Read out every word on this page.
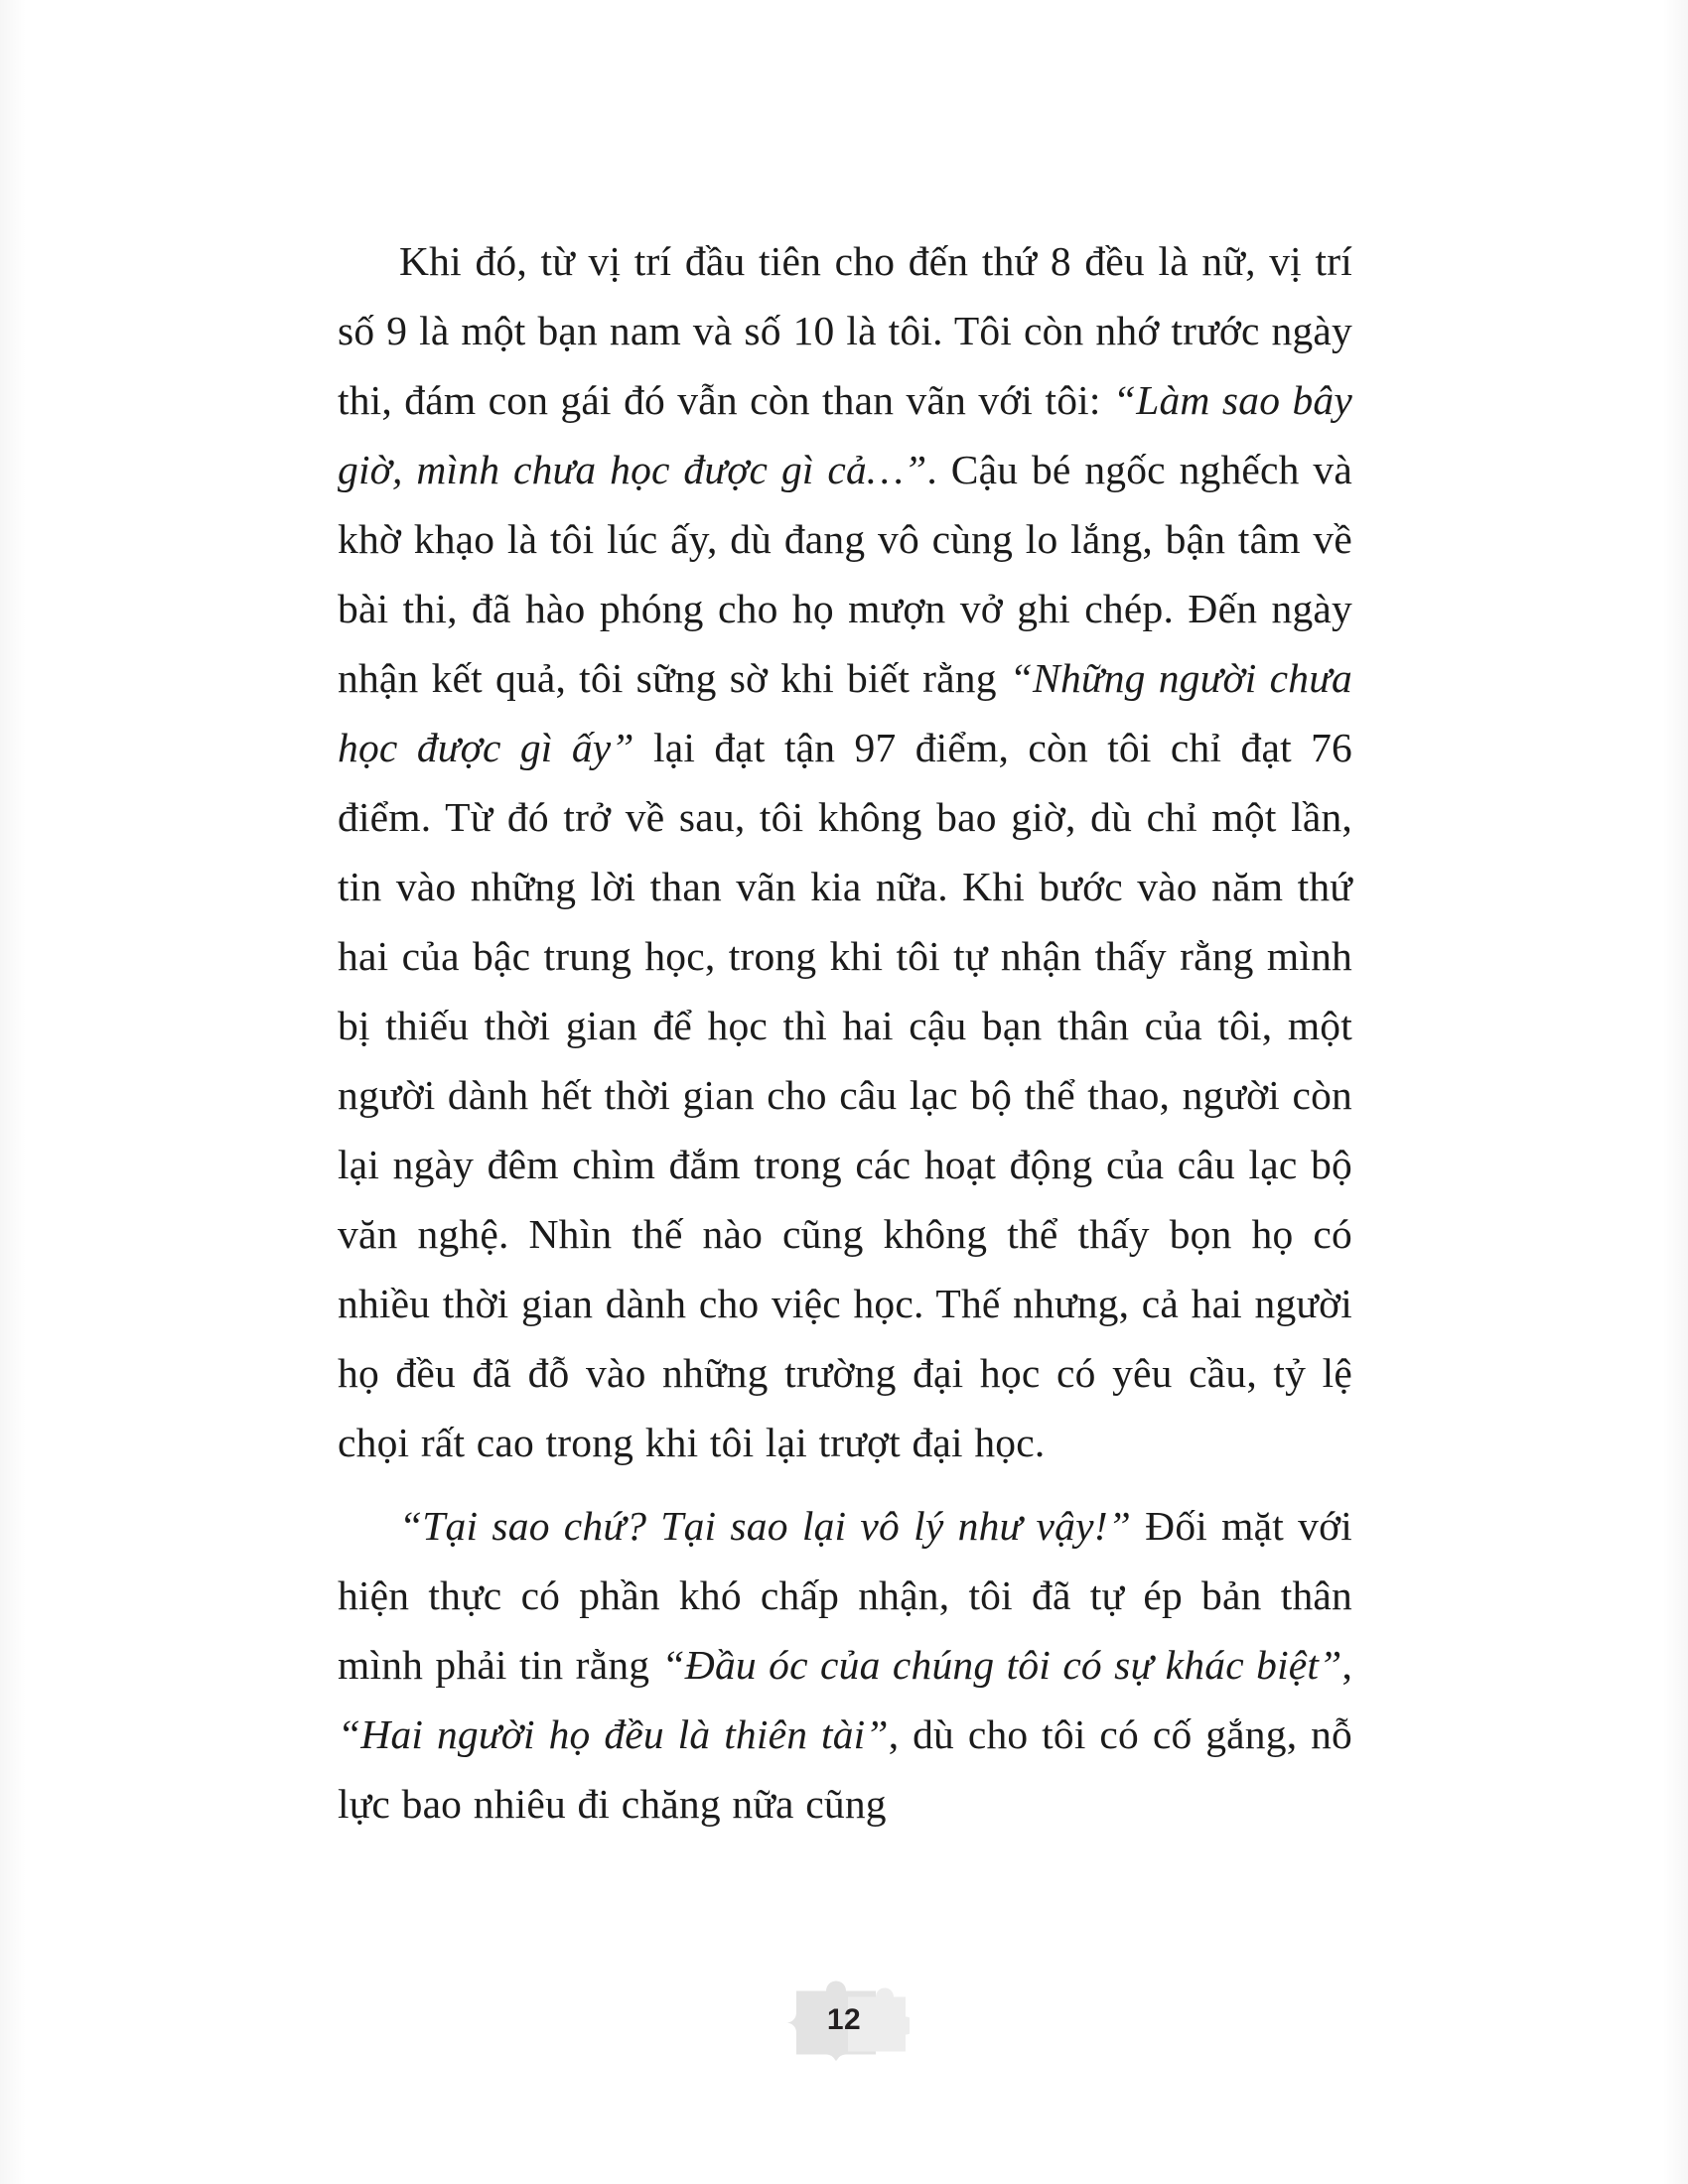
Khi đó, từ vị trí đầu tiên cho đến thứ 8 đều là nữ, vị trí số 9 là một bạn nam và số 10 là tôi. Tôi còn nhớ trước ngày thi, đám con gái đó vẫn còn than vãn với tôi: “Làm sao bây giờ, mình chưa học được gì cả…”. Cậu bé ngốc nghếch và khờ khạo là tôi lúc ấy, dù đang vô cùng lo lắng, bận tâm về bài thi, đã hào phóng cho họ mượn vở ghi chép. Đến ngày nhận kết quả, tôi sững sờ khi biết rằng “Những người chưa học được gì ấy” lại đạt tận 97 điểm, còn tôi chỉ đạt 76 điểm. Từ đó trở về sau, tôi không bao giờ, dù chỉ một lần, tin vào những lời than vãn kia nữa. Khi bước vào năm thứ hai của bậc trung học, trong khi tôi tự nhận thấy rằng mình bị thiếu thời gian để học thì hai cậu bạn thân của tôi, một người dành hết thời gian cho câu lạc bộ thể thao, người còn lại ngày đêm chìm đắm trong các hoạt động của câu lạc bộ văn nghệ. Nhìn thế nào cũng không thể thấy bọn họ có nhiều thời gian dành cho việc học. Thế nhưng, cả hai người họ đều đã đỗ vào những trường đại học có yêu cầu, tỷ lệ chọi rất cao trong khi tôi lại trượt đại học.

“Tại sao chứ? Tại sao lại vô lý như vậy!” Đối mặt với hiện thực có phần khó chấp nhận, tôi đã tự ép bản thân mình phải tin rằng “Đầu óc của chúng tôi có sự khác biệt”, “Hai người họ đều là thiên tài”, dù cho tôi có cố gắng, nỗ lực bao nhiêu đi chăng nữa cũng

12
